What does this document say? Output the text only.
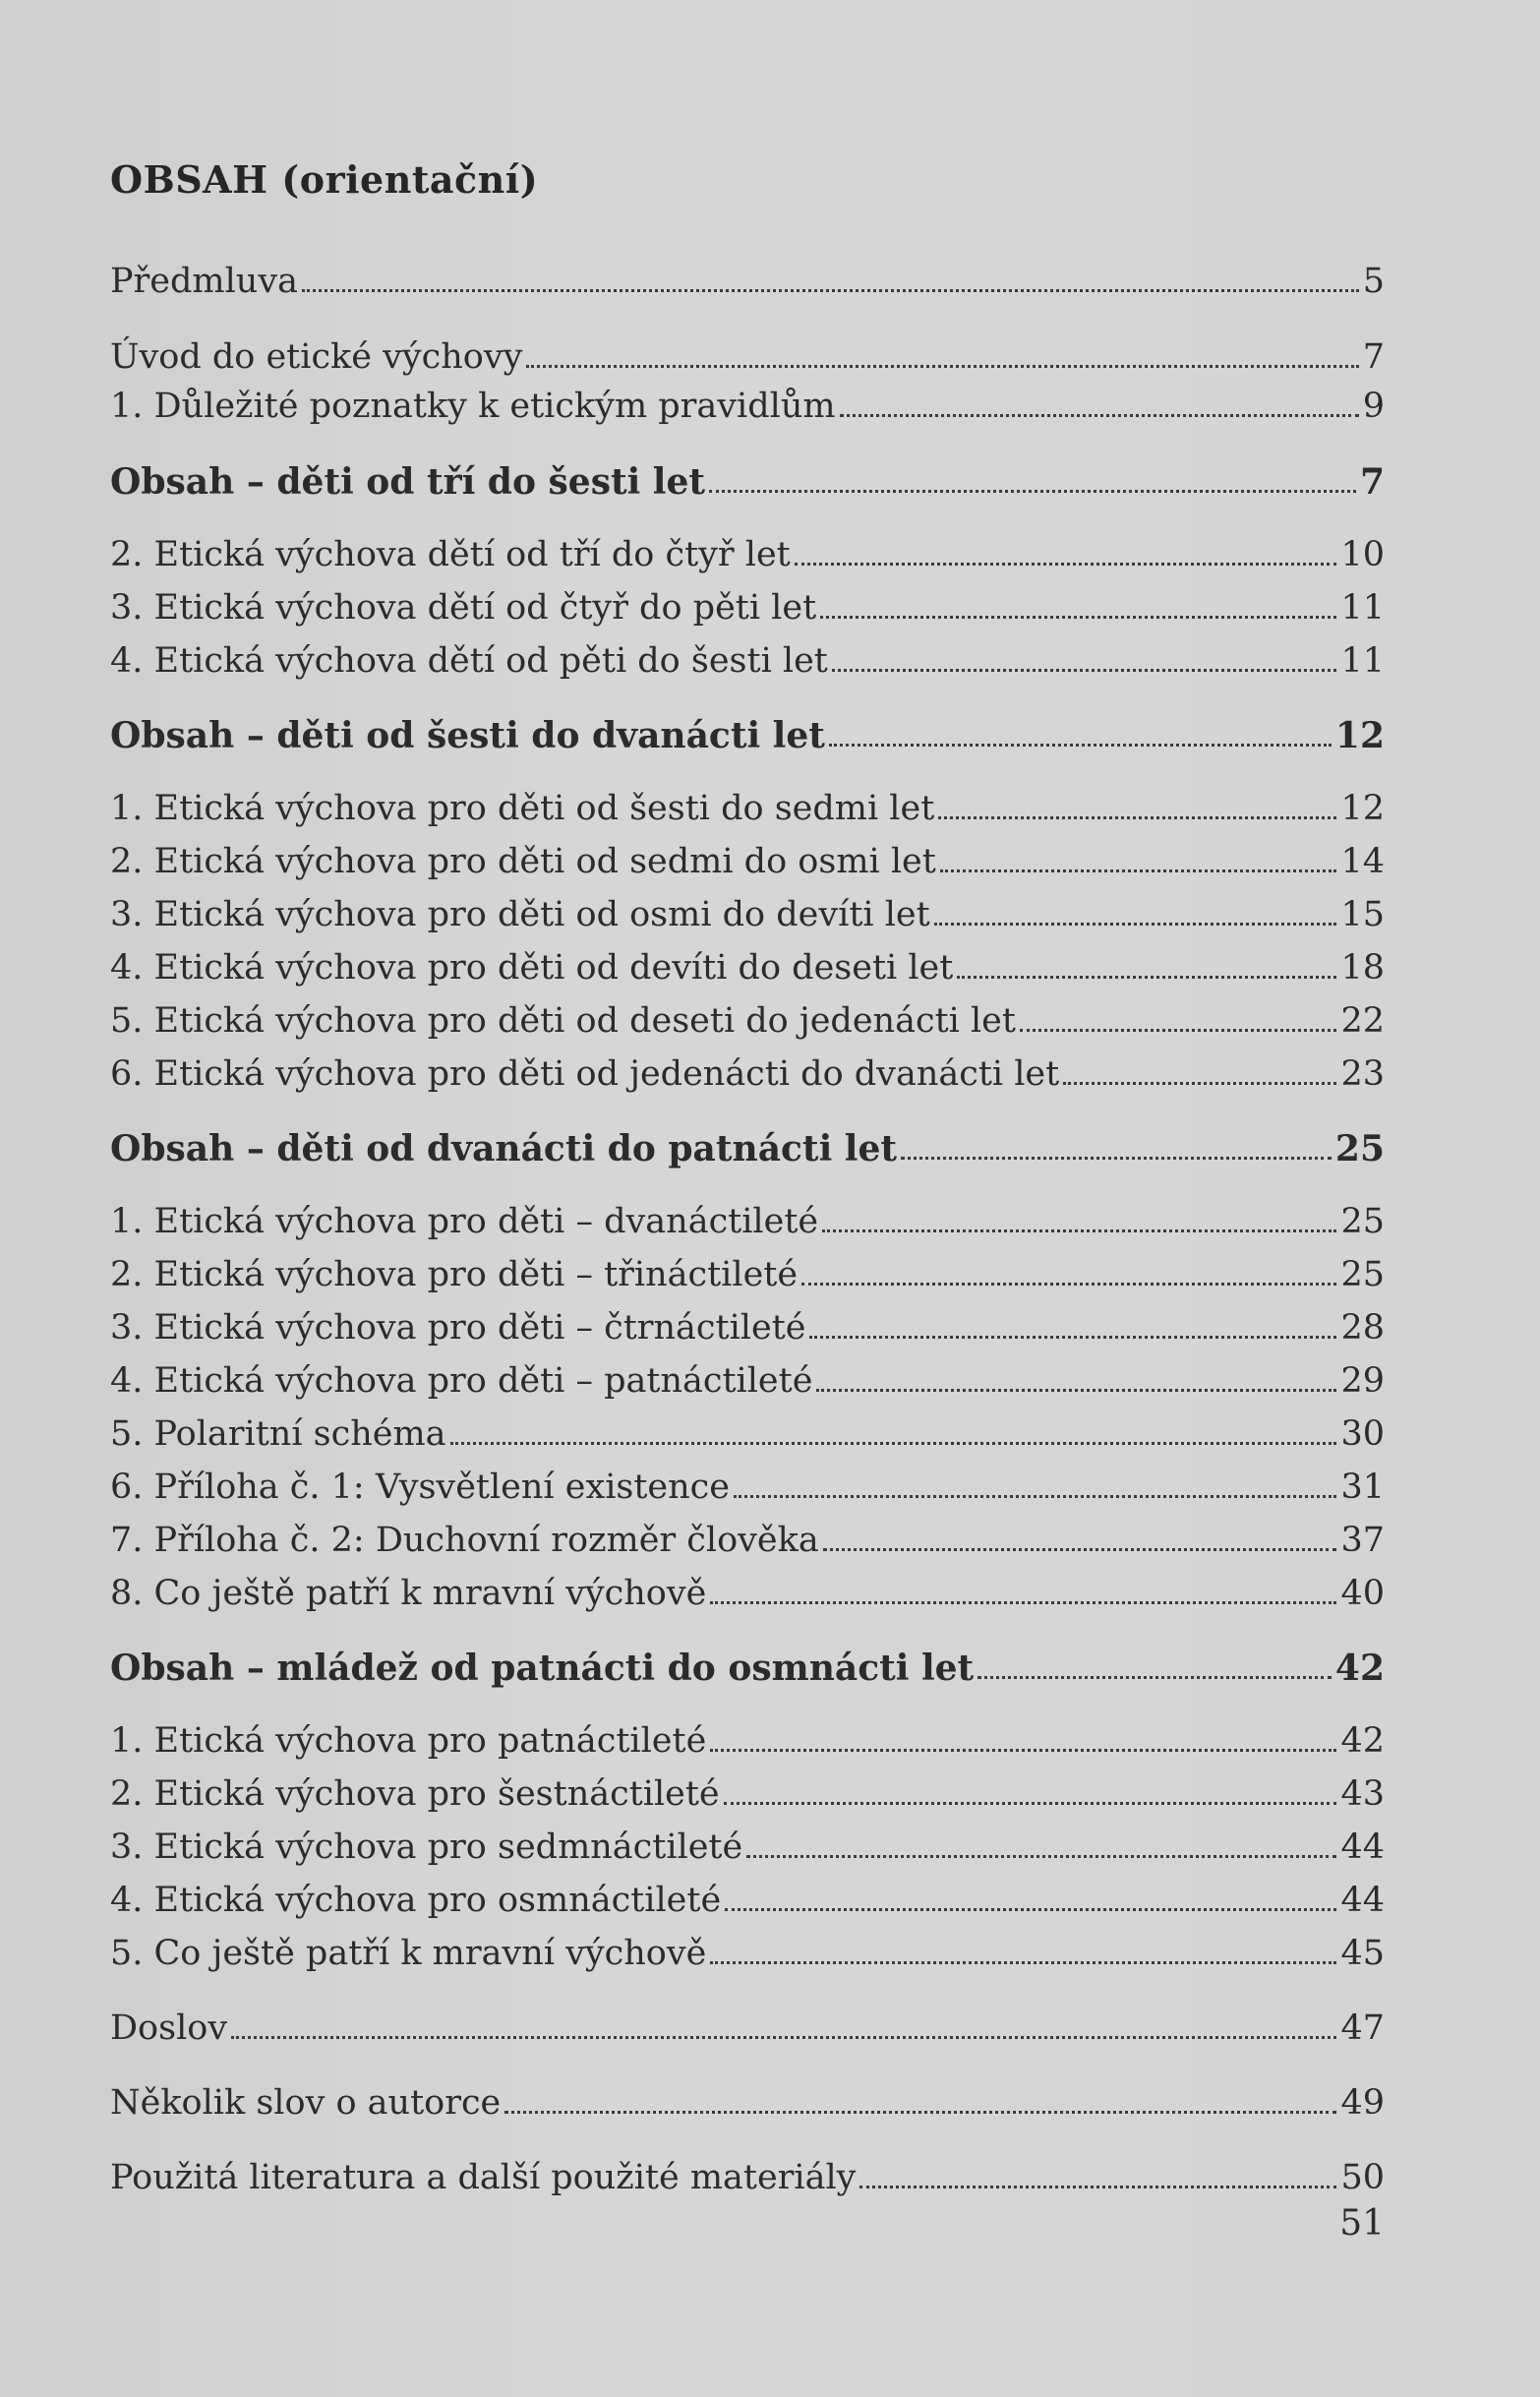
OBSAH (orientační)
Předmluva	5
Úvod do etické výchovy	7
1. Důležité poznatky k etickým pravidlům	9
Obsah – děti od tří do šesti let	7
2. Etická výchova dětí od tří do čtyř let	10
3. Etická výchova dětí od čtyř do pěti let	11
4. Etická výchova dětí od pěti do šesti let	11
Obsah – děti od šesti do dvanácti let	12
1. Etická výchova pro děti od šesti do sedmi let	12
2. Etická výchova pro děti od sedmi do osmi let	14
3. Etická výchova pro děti od osmi do devíti let	15
4. Etická výchova pro děti od devíti do deseti let	18
5. Etická výchova pro děti od deseti do jedenácti let	22
6. Etická výchova pro děti od jedenácti do dvanácti let	23
Obsah – děti od dvanácti do patnácti let	25
1. Etická výchova pro děti – dvanáctileté	25
2. Etická výchova pro děti – třináctileté	25
3. Etická výchova pro děti – čtrnáctileté	28
4. Etická výchova pro děti – patnáctileté	29
5. Polaritní schéma	30
6. Příloha č. 1: Vysvětlení existence	31
7. Příloha č. 2: Duchovní rozměr člověka	37
8. Co ještě patří k mravní výchově	40
Obsah – mládež od patnácti do osmnácti let	42
1. Etická výchova pro patnáctileté	42
2. Etická výchova pro šestnáctileté	43
3. Etická výchova pro sedmnáctileté	44
4. Etická výchova pro osmnáctileté	44
5. Co ještě patří k mravní výchově	45
Doslov	47
Několik slov o autorce	49
Použitá literatura a další použité materiály	50
51
